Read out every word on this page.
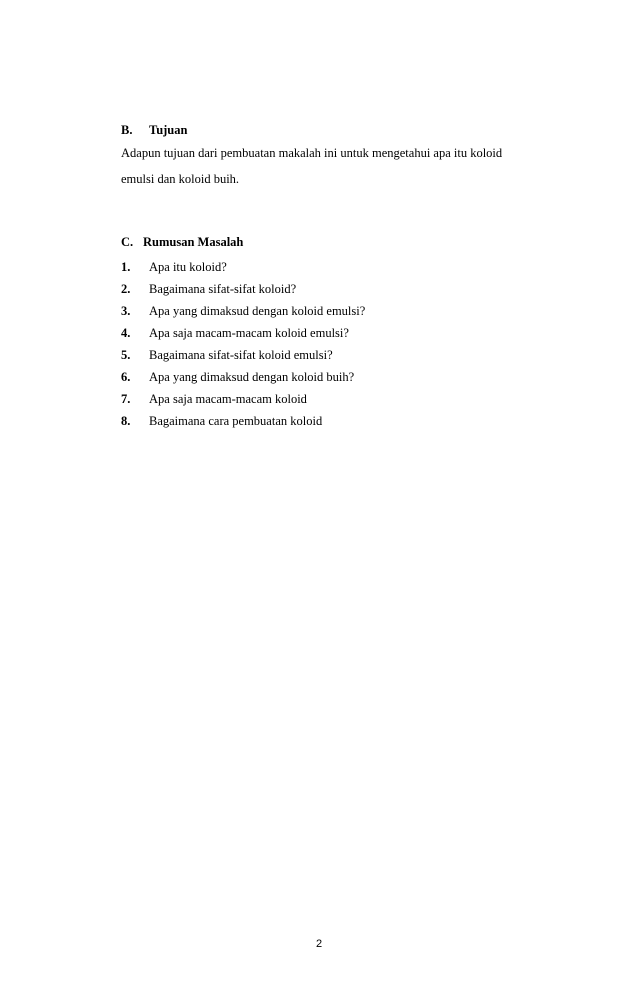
B. Tujuan
Adapun tujuan dari pembuatan makalah ini untuk mengetahui apa itu koloid
emulsi dan koloid buih.
C. Rumusan Masalah
1. Apa itu koloid?
2. Bagaimana sifat-sifat koloid?
3. Apa yang dimaksud dengan koloid emulsi?
4. Apa saja macam-macam koloid emulsi?
5. Bagaimana sifat-sifat koloid emulsi?
6. Apa yang dimaksud dengan koloid buih?
7. Apa saja macam-macam koloid
8. Bagaimana cara pembuatan koloid
2
